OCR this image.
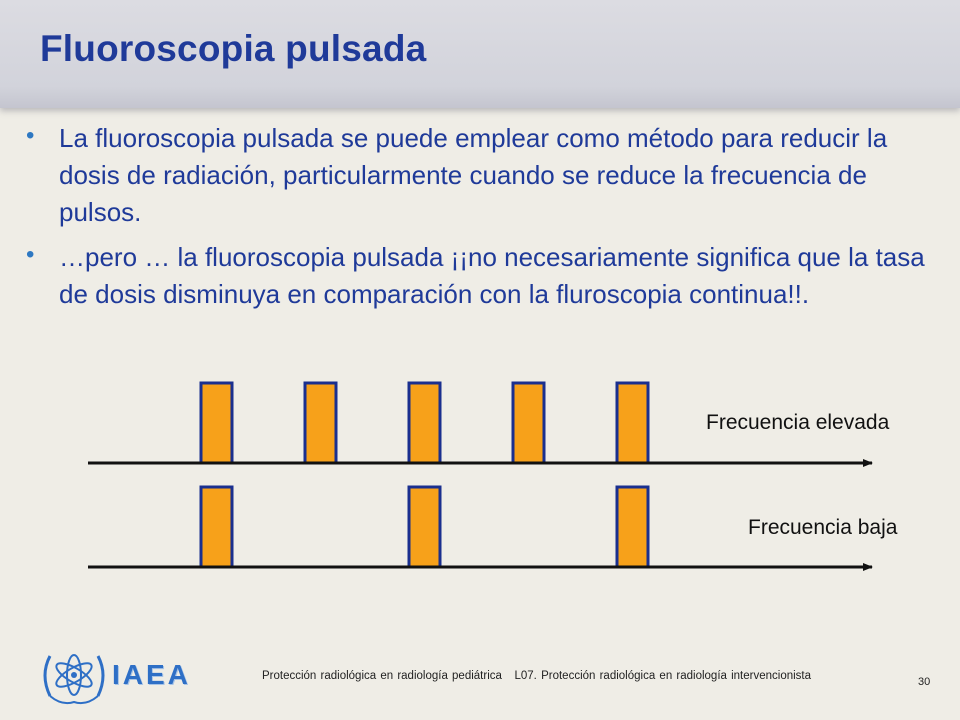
Fluoroscopia pulsada
• La fluoroscopia pulsada se puede emplear como método para reducir la dosis de radiación, particularmente cuando se reduce la frecuencia de pulsos.
• …pero … la fluoroscopia pulsada ¡¡no necesariamente significa que la tasa de dosis disminuya en comparación con la fluroscopia continua!!.
Frecuencia elevada
Frecuencia baja
IAEA	Protección radiológica en radiología pediátrica L07. Protección radiológica en radiología intervencionista	30
